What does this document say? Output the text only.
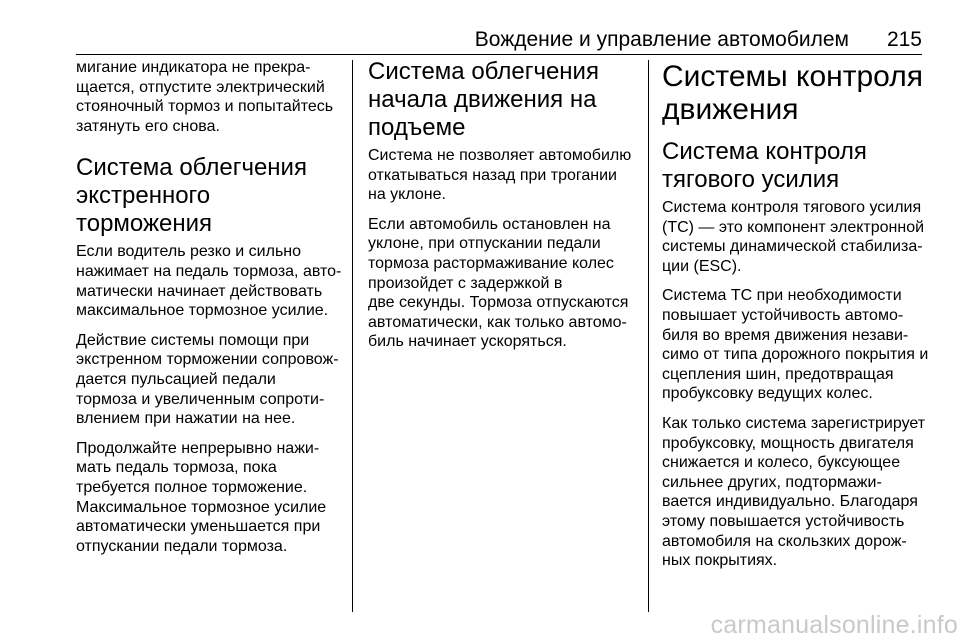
Вождение и управление автомобилем 215

мигание индикатора не прекра-
щается, отпустите электрический
стояночный тормоз и попытайтесь
затянуть его снова.

Система облегчения
экстренного торможения

Если водитель резко и сильно
нажимает на педаль тормоза, авто-
матически начинает действовать
максимальное тормозное усилие.

Действие системы помощи при
экстренном торможении сопровож-
дается пульсацией педали
тормоза и увеличенным сопроти-
влением при нажатии на нее.

Продолжайте непрерывно нажи-
мать педаль тормоза, пока
требуется полное торможение.
Максимальное тормозное усилие
автоматически уменьшается при
отпускании педали тормоза.

Система облегчения
начала движения на
подъеме

Система не позволяет автомобилю
откатываться назад при трогании
на уклоне.

Если автомобиль остановлен на
уклоне, при отпускании педали
тормоза растормаживание колес
произойдет с задержкой в
две секунды. Тормоза отпускаются
автоматически, как только автомо-
биль начинает ускоряться.

Системы контроля
движения
Система контроля
тягового усилия

Система контроля тягового усилия
(TC) — это компонент электронной
системы динамической стабилиза-
ции (ESC).

Система TC при необходимости
повышает устойчивость автомо-
биля во время движения незави-
симо от типа дорожного покрытия и
сцепления шин, предотвращая
пробуксовку ведущих колес.

Как только система зарегистрирует
пробуксовку, мощность двигателя
снижается и колесо, буксующее
сильнее других, подтормажи-
вается индивидуально. Благодаря
этому повышается устойчивость
автомобиля на скользких дорож-
ных покрытиях.

carmanualsonline.info
